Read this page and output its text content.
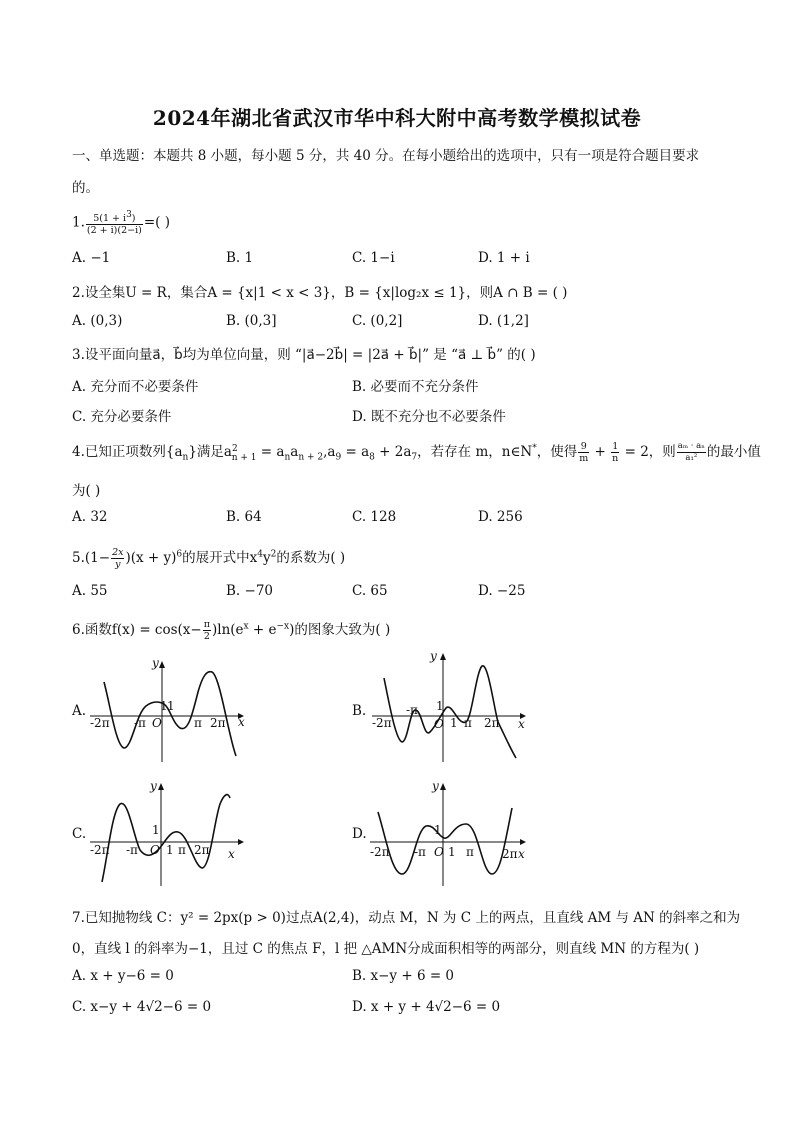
2024年湖北省武汉市华中科大附中高考数学模拟试卷
一、单选题：本题共 8 小题，每小题 5 分，共 40 分。在每小题给出的选项中，只有一项是符合题目要求
的。
1. $\frac{5(1 + i^3)}{(2 + i)(2-i)}$ =( )
A. −1	B. 1	C. 1−i	D. 1 + i
2.设全集U = R，集合A = {x|1 < x < 3}，B = {x|log₂x ≤ 1}，则A ∩ B = ( )
A. (0,3)	B. (0,3]	C. (0,2]	D. (1,2]
3.设平面向量a⃗，b⃗均为单位向量，则 “|a⃗−2b⃗| = |2a⃗ + b⃗|” 是 “a⃗ ⊥ b⃗” 的( )
A. 充分而不必要条件	B. 必要而不充分条件
C. 充分必要条件	D. 既不充分也不必要条件
4.已知正项数列$\{a_n\}$满足$a^2_{n + 1} = a_na_{n + 2},a_9 = a_8 + 2a_7$，若存在 m，n∈N*，使得 $\frac{9}{m} + \frac{1}{n} = 2$，则 $\frac{\text{aₘ · aₙ}}{\text{a₁²}}$ 的最小值
为( )
A. 32	B. 64	C. 128	D. 256
$5.(1- \frac{2x}{y} )(x + y)^6$的展开式中$x^4y^2$的系数为( )
A. 55	B. −70	C. 65	D. −25
6.函数$f(x) = \cos(x- \frac{\pi}{2} )\ln(e^x + e^{-x})$的图象大致为( )
A.	B.
C.	D.
y
x
O
-2π -π	π 2π
1 1
y
x
O
-2π
-π
π 2π
1
1
y
x
O
-2π -π 1 π 2π
1
y
x
O
-2π -π 1 π 2π
1
7.已知抛物线 C：y² = 2px(p > 0)过点A(2,4)，动点 M，N 为 C 上的两点，且直线 AM 与 AN 的斜率之和为
0，直线 l 的斜率为−1，且过 C 的焦点 F，l 把 △AMN分成面积相等的两部分，则直线 MN 的方程为( )
A. x + y−6 = 0	B. x−y + 6 = 0
C. x−y + 4√2−6 = 0	D. x + y + 4√2−6 = 0
